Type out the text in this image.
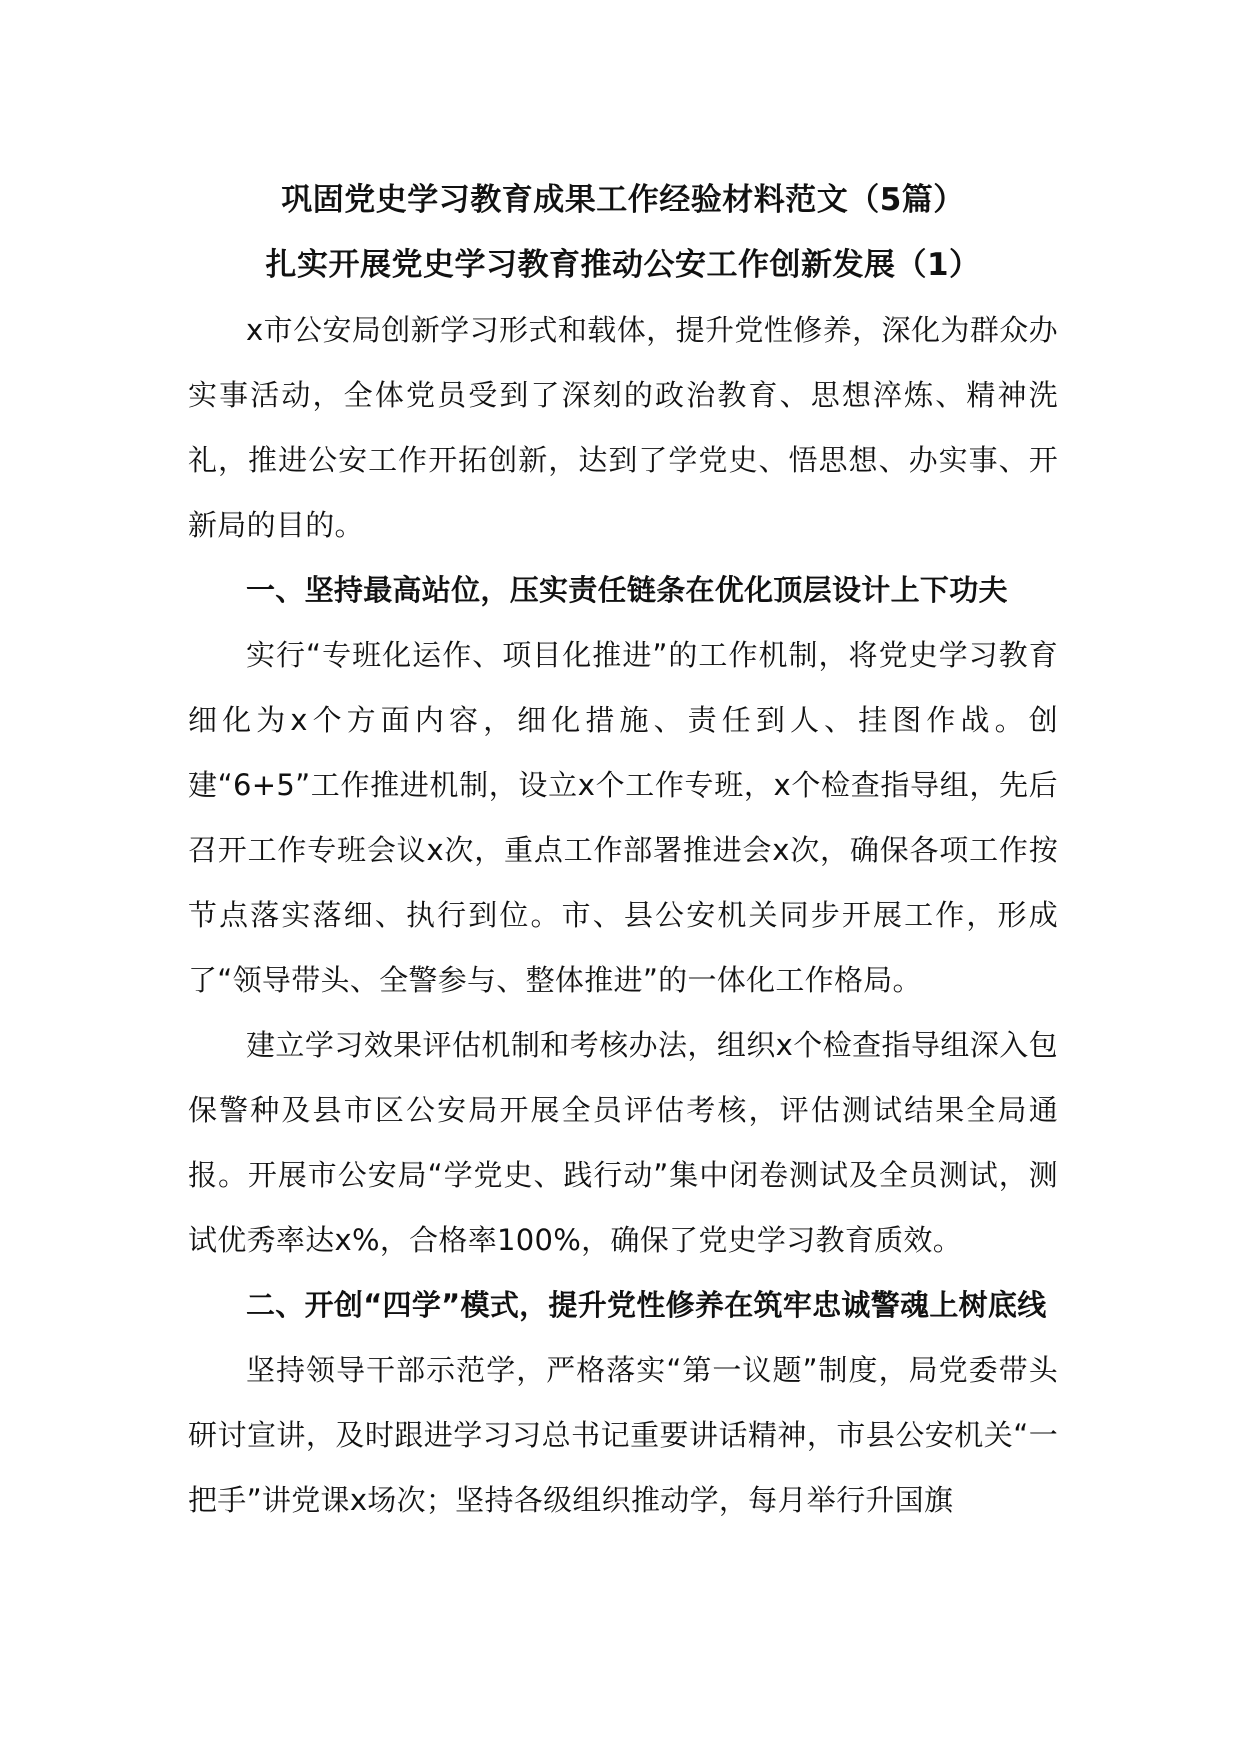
巩固党史学习教育成果工作经验材料范文（5篇）
扎实开展党史学习教育推动公安工作创新发展（1）

x市公安局创新学习形式和载体，提升党性修养，深化为群众办实事活动，全体党员受到了深刻的政治教育、思想淬炼、精神洗礼，推进公安工作开拓创新，达到了学党史、悟思想、办实事、开新局的目的。

一、坚持最高站位，压实责任链条在优化顶层设计上下功夫

实行“专班化运作、项目化推进”的工作机制，将党史学习教育细化为x个方面内容，细化措施、责任到人、挂图作战。创建“6+5”工作推进机制，设立x个工作专班，x个检查指导组，先后召开工作专班会议x次，重点工作部署推进会x次，确保各项工作按节点落实落细、执行到位。市、县公安机关同步开展工作，形成了“领导带头、全警参与、整体推进”的一体化工作格局。

建立学习效果评估机制和考核办法，组织x个检查指导组深入包保警种及县市区公安局开展全员评估考核，评估测试结果全局通报。开展市公安局“学党史、践行动”集中闭卷测试及全员测试，测试优秀率达x%，合格率100%，确保了党史学习教育质效。

二、开创“四学”模式，提升党性修养在筑牢忠诚警魂上树底线

坚持领导干部示范学，严格落实“第一议题”制度，局党委带头研讨宣讲，及时跟进学习习总书记重要讲话精神，市县公安机关“一把手”讲党课x场次；坚持各级组织推动学，每月举行升国旗
